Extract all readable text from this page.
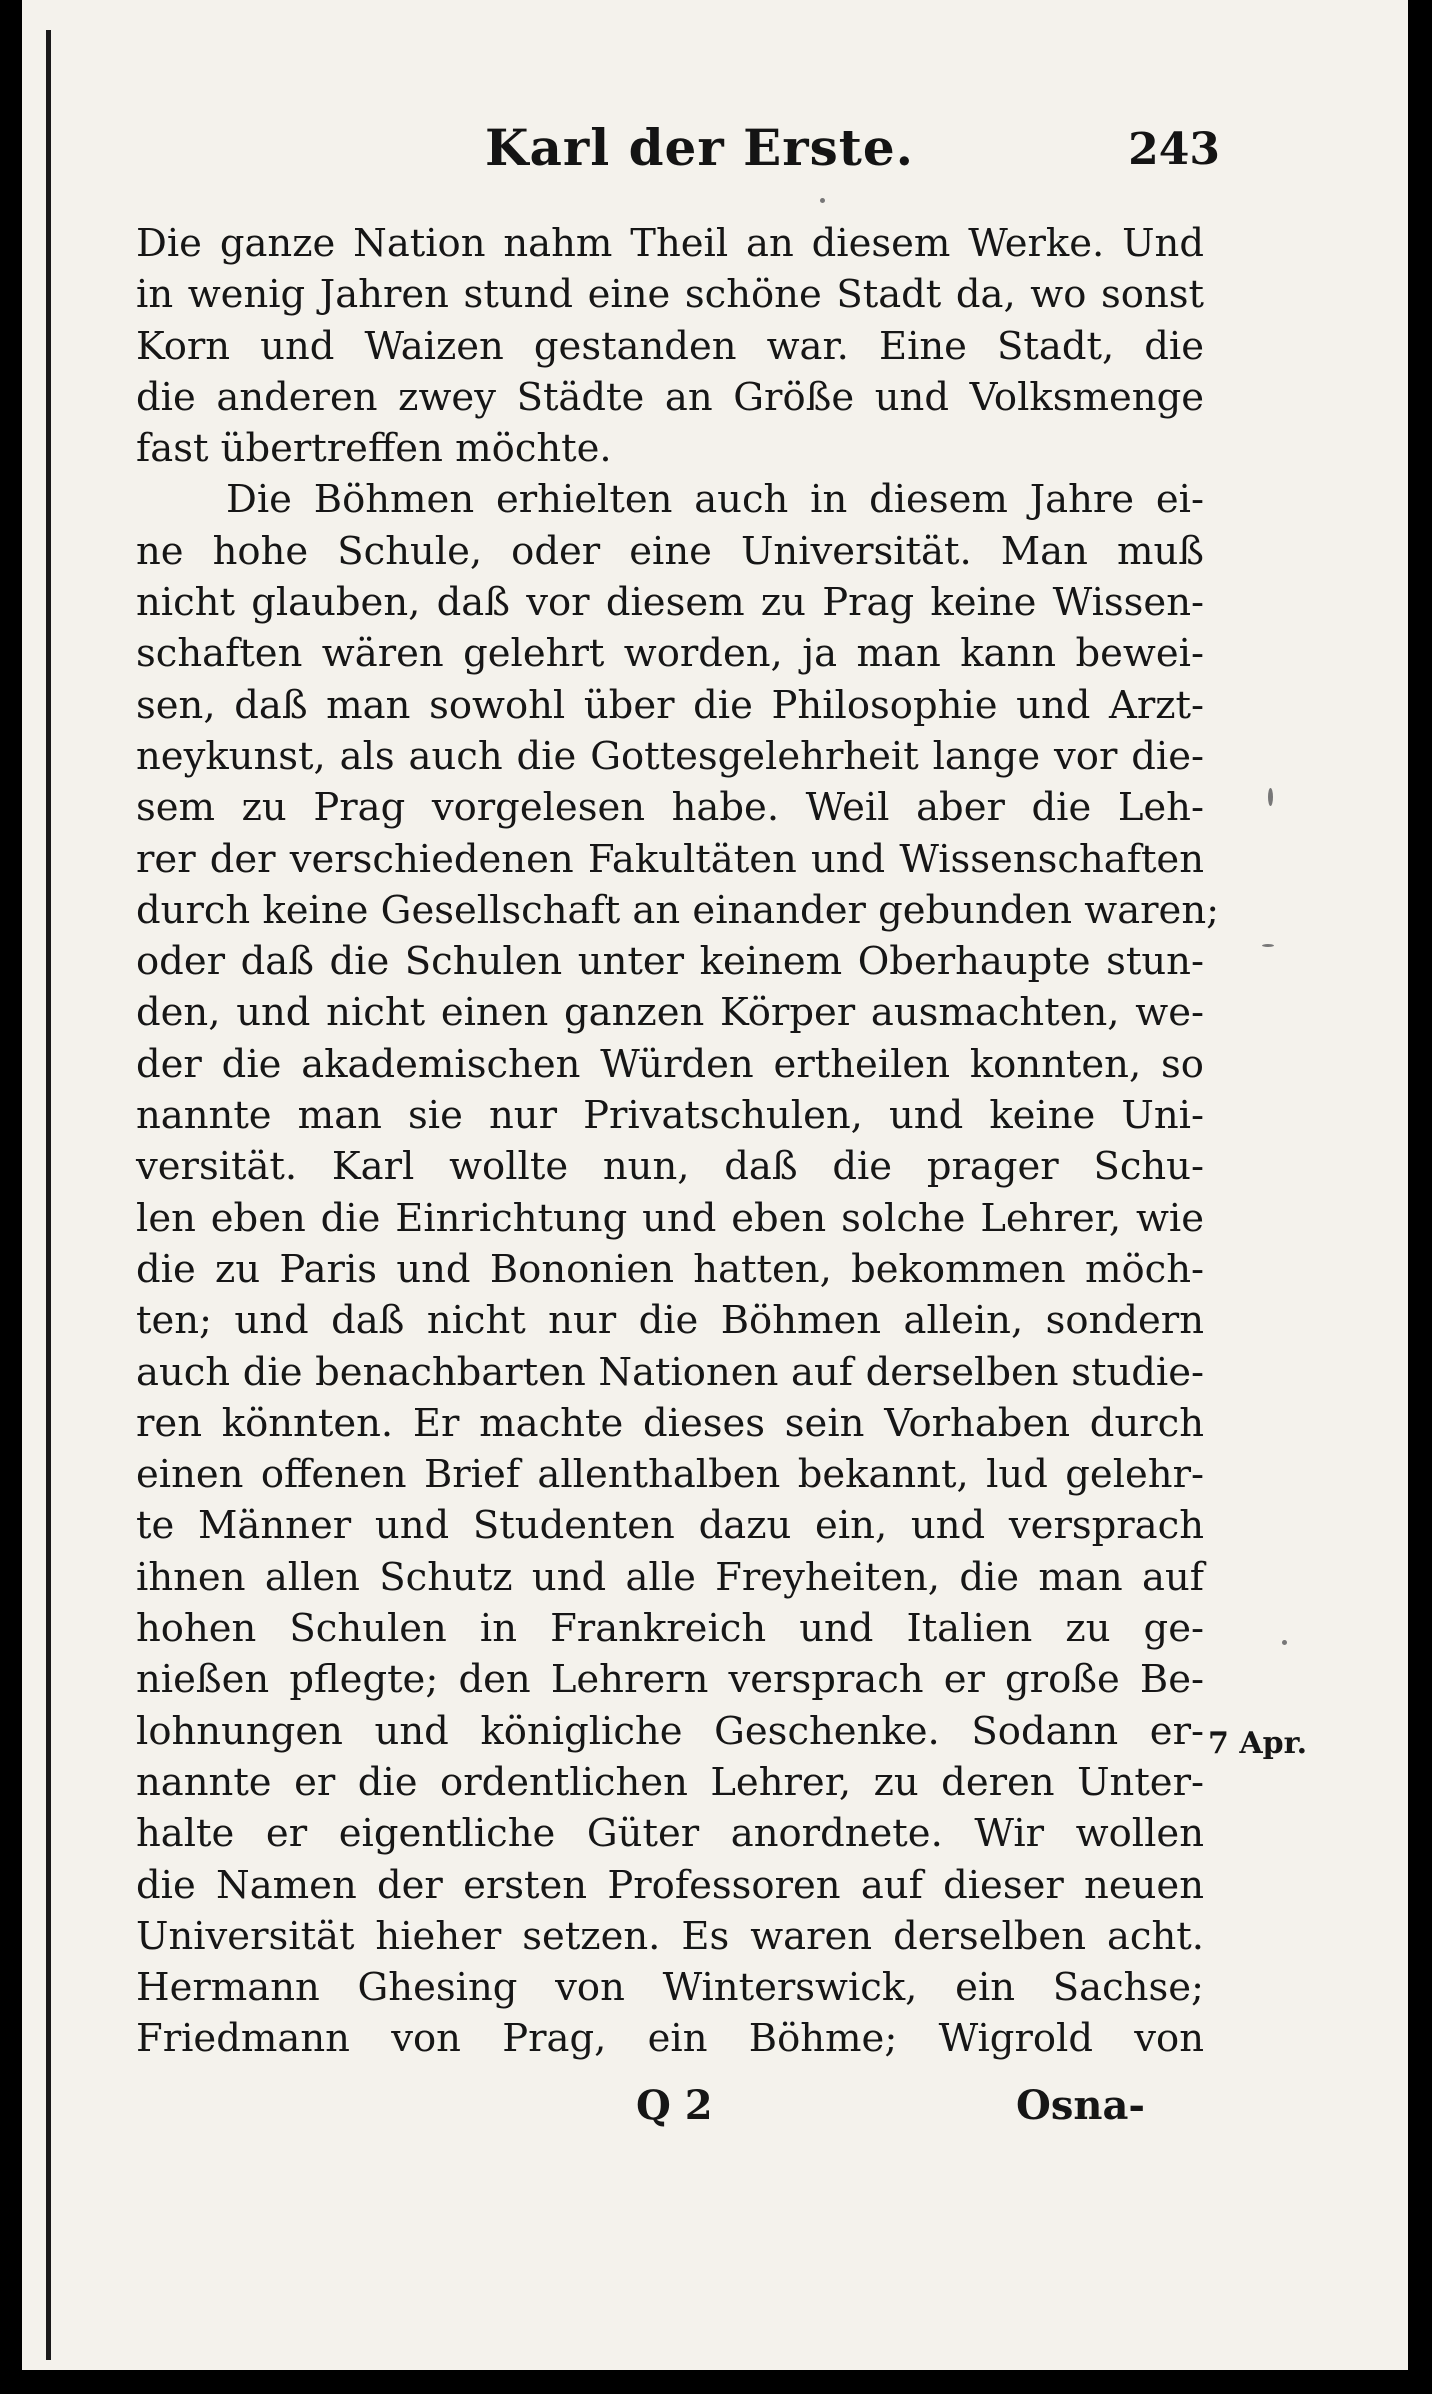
Karl der Erste.	243
Die ganze Nation nahm Theil an diesem Werke. Und
in wenig Jahren stund eine schöne Stadt da, wo sonst
Korn und Waizen gestanden war. Eine Stadt, die
die anderen zwey Städte an Größe und Volksmenge
fast übertreffen möchte.
Die Böhmen erhielten auch in diesem Jahre ei-
ne hohe Schule, oder eine Universität. Man muß
nicht glauben, daß vor diesem zu Prag keine Wissen-
schaften wären gelehrt worden, ja man kann bewei-
sen, daß man sowohl über die Philosophie und Arzt-
neykunst, als auch die Gottesgelehrheit lange vor die-
sem zu Prag vorgelesen habe. Weil aber die Leh-
rer der verschiedenen Fakultäten und Wissenschaften
durch keine Gesellschaft an einander gebunden waren;
oder daß die Schulen unter keinem Oberhaupte stun-
den, und nicht einen ganzen Körper ausmachten, we-
der die akademischen Würden ertheilen konnten, so
nannte man sie nur Privatschulen, und keine Uni-
versität. Karl wollte nun, daß die prager Schu-
len eben die Einrichtung und eben solche Lehrer, wie
die zu Paris und Bononien hatten, bekommen möch-
ten; und daß nicht nur die Böhmen allein, sondern
auch die benachbarten Nationen auf derselben studie-
ren könnten. Er machte dieses sein Vorhaben durch
einen offenen Brief allenthalben bekannt, lud gelehr-
te Männer und Studenten dazu ein, und versprach
ihnen allen Schutz und alle Freyheiten, die man auf
hohen Schulen in Frankreich und Italien zu ge-
nießen pflegte; den Lehrern versprach er große Be-
lohnungen und königliche Geschenke. Sodann er-
nannte er die ordentlichen Lehrer, zu deren Unter-
halte er eigentliche Güter anordnete. Wir wollen
die Namen der ersten Professoren auf dieser neuen
Universität hieher setzen. Es waren derselben acht.
Hermann Ghesing von Winterswick, ein Sachse;
Friedmann von Prag, ein Böhme; Wigrold von
7 Apr.
Q 2	Osna-
